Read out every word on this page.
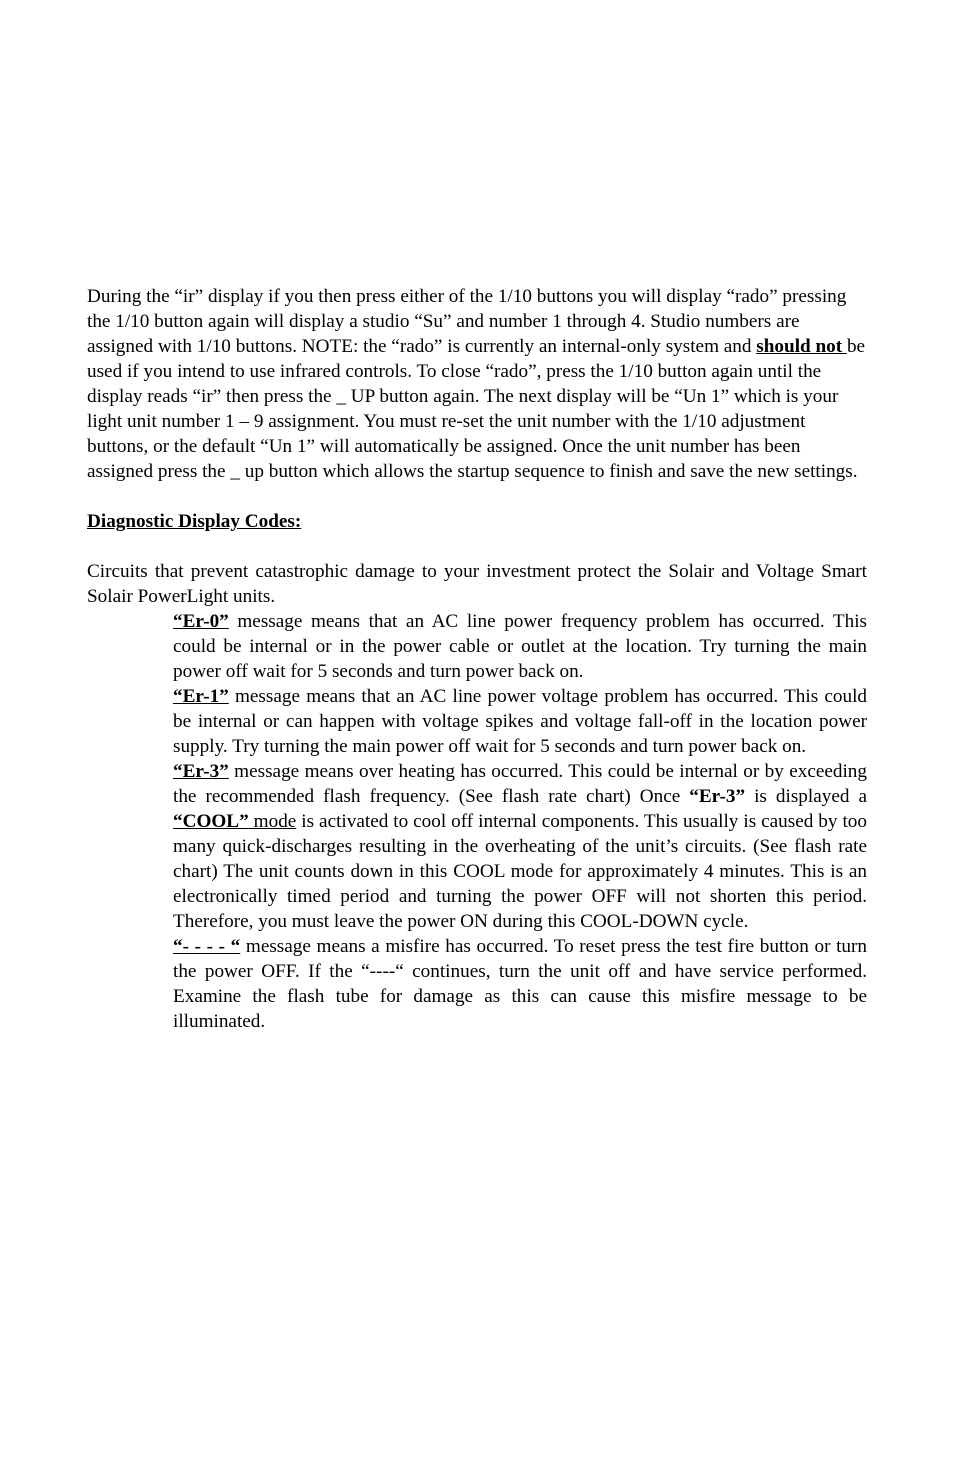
During the “ir” display if you then press either of the 1/10 buttons you will display “rado” pressing the 1/10 button again will display a studio “Su” and number 1 through 4. Studio numbers are assigned with 1/10 buttons. NOTE: the “rado” is currently an internal-only system and should not be used if you intend to use infrared controls. To close “rado”, press the 1/10 button again until the display reads “ir” then press the _ UP button again. The next display will be “Un 1” which is your light unit number 1 – 9 assignment. You must re-set the unit number with the 1/10 adjustment buttons, or the default “Un 1” will automatically be assigned. Once the unit number has been assigned press the _ up button which allows the startup sequence to finish and save the new settings.

Diagnostic Display Codes:

Circuits that prevent catastrophic damage to your investment protect the Solair and Voltage Smart Solair PowerLight units.

“Er-0” message means that an AC line power frequency problem has occurred. This could be internal or in the power cable or outlet at the location. Try turning the main power off wait for 5 seconds and turn power back on.

“Er-1” message means that an AC line power voltage problem has occurred. This could be internal or can happen with voltage spikes and voltage fall-off in the location power supply. Try turning the main power off wait for 5 seconds and turn power back on.

“Er-3” message means over heating has occurred. This could be internal or by exceeding the recommended flash frequency. (See flash rate chart) Once “Er-3” is displayed a “COOL” mode is activated to cool off internal components. This usually is caused by too many quick-discharges resulting in the overheating of the unit’s circuits. (See flash rate chart) The unit counts down in this COOL mode for approximately 4 minutes. This is an electronically timed period and turning the power OFF will not shorten this period. Therefore, you must leave the power ON during this COOL-DOWN cycle.

“- - - - “ message means a misfire has occurred. To reset press the test fire button or turn the power OFF. If the “----“ continues, turn the unit off and have service performed. Examine the flash tube for damage as this can cause this misfire message to be illuminated.
